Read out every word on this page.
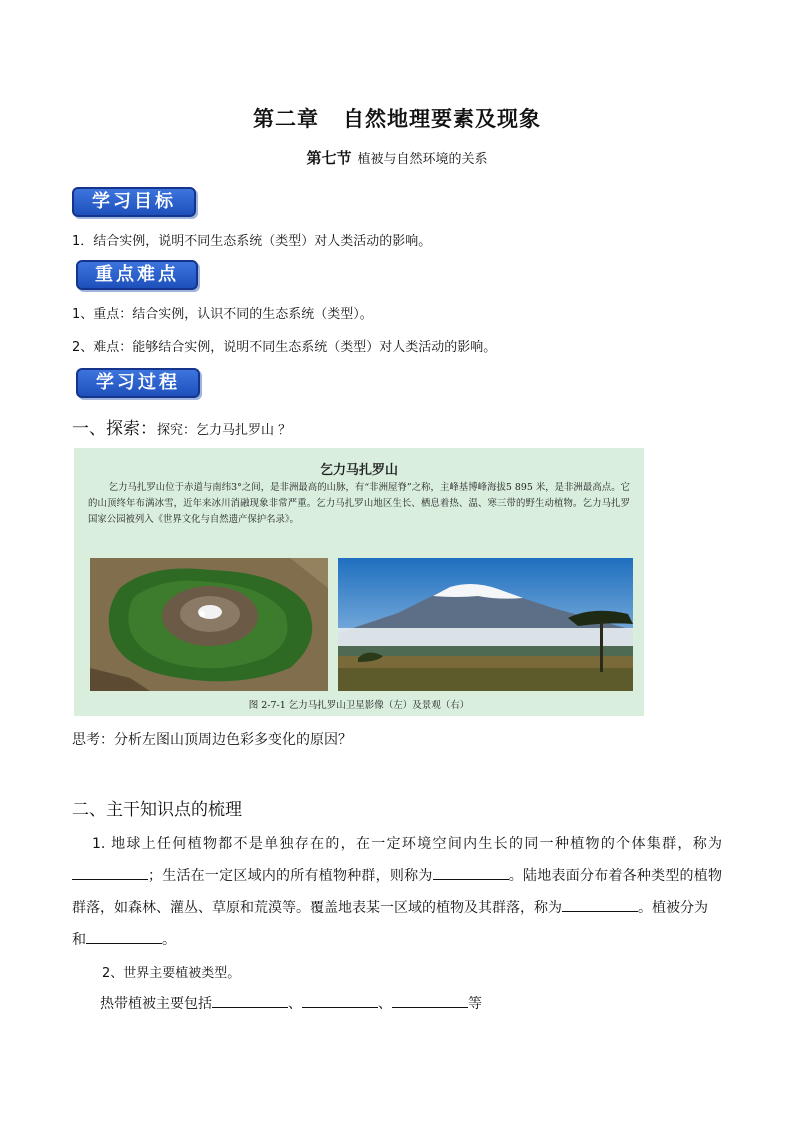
第二章 自然地理要素及现象
第七节 植被与自然环境的关系
学习目标
1．结合实例，说明不同生态系统（类型）对人类活动的影响。
重点难点
1、重点：结合实例，认识不同的生态系统（类型）。
2、难点：能够结合实例，说明不同生态系统（类型）对人类活动的影响。
学习过程
一、探索：探究：乞力马扎罗山 ？
乞力马扎罗山
乞力马扎罗山位于赤道与南纬3°之间，是非洲最高的山脉，有“非洲屋脊”之称，主峰基博峰海拔5 895 米，是非洲最高点。它的山顶终年布满冰雪，近年来冰川消融现象非常严重。乞力马扎罗山地区生长、栖息着热、温、寒三带的野生动植物。乞力马扎罗国家公园被列入《世界文化与自然遗产保护名录》。
图 2-7-1 乞力马扎罗山卫星影像（左）及景观（右）
思考：分析左图山顶周边色彩多变化的原因？
二、主干知识点的梳理
1. 地球上任何植物都不是单独存在的，在一定环境空间内生长的同一种植物的个体集群，称为；生活在一定区域内的所有植物种群，则称为	。陆地表面分布着各种类型的植物群落，如森林、灌丛、草原和荒漠等。覆盖地表某一区域的植物及其群落，称为	。植被分为
和	。
2、世界主要植被类型。
热带植被主要包括	、	、	等
